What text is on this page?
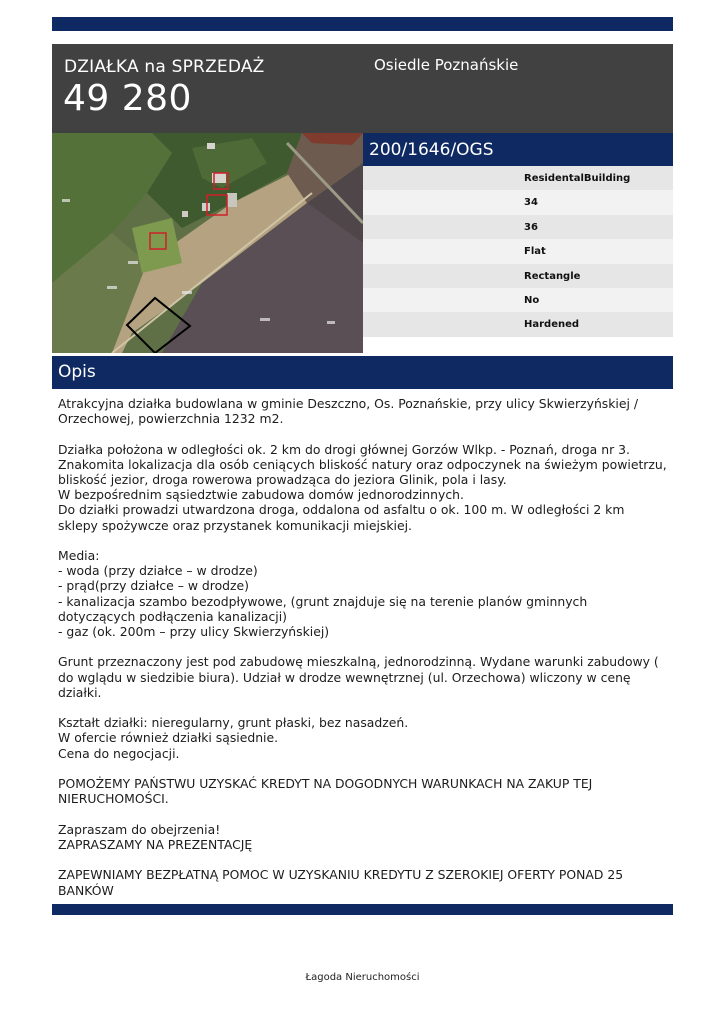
DZIAŁKA na SPRZEDAŻ
49 280
Osiedle Poznańskie
200/1646/OGS
ResidentalBuilding
34
36
Flat
Rectangle
No
Hardened
Opis
Atrakcyjna działka budowlana w gminie Deszczno, Os. Poznańskie, przy ulicy Skwierzyńskiej / Orzechowej, powierzchnia 1232 m2.

Działka położona w odległości ok. 2 km do drogi głównej Gorzów Wlkp. - Poznań, droga nr 3. Znakomita lokalizacja dla osób ceniących bliskość natury oraz odpoczynek na świeżym powietrzu, bliskość jezior, droga rowerowa prowadząca do jeziora Glinik, pola i lasy.
W bezpośrednim sąsiedztwie zabudowa domów jednorodzinnych.
Do działki prowadzi utwardzona droga, oddalona od asfaltu o ok. 100 m. W odległości 2 km sklepy spożywcze oraz przystanek komunikacji miejskiej.

Media:
- woda (przy działce – w drodze)
- prąd(przy działce – w drodze)
- kanalizacja szambo bezodpływowe, (grunt znajduje się na terenie planów gminnych dotyczących podłączenia kanalizacji)
- gaz (ok. 200m – przy ulicy Skwierzyńskiej)

Grunt przeznaczony jest pod zabudowę mieszkalną, jednorodzinną. Wydane warunki zabudowy ( do wglądu w siedzibie biura). Udział w drodze wewnętrznej (ul. Orzechowa) wliczony w cenę działki.

Kształt działki: nieregularny, grunt płaski, bez nasadzeń.
W ofercie również działki sąsiednie.
Cena do negocjacji.

POMOŻEMY PAŃSTWU UZYSKAĆ KREDYT NA DOGODNYCH WARUNKACH NA ZAKUP TEJ NIERUCHOMOŚCI.

Zapraszam do obejrzenia!
ZAPRASZAMY NA PREZENTACJĘ

ZAPEWNIAMY BEZPŁATNĄ POMOC W UZYSKANIU KREDYTU Z SZEROKIEJ OFERTY PONAD 25 BANKÓW
Łagoda Nieruchomości
